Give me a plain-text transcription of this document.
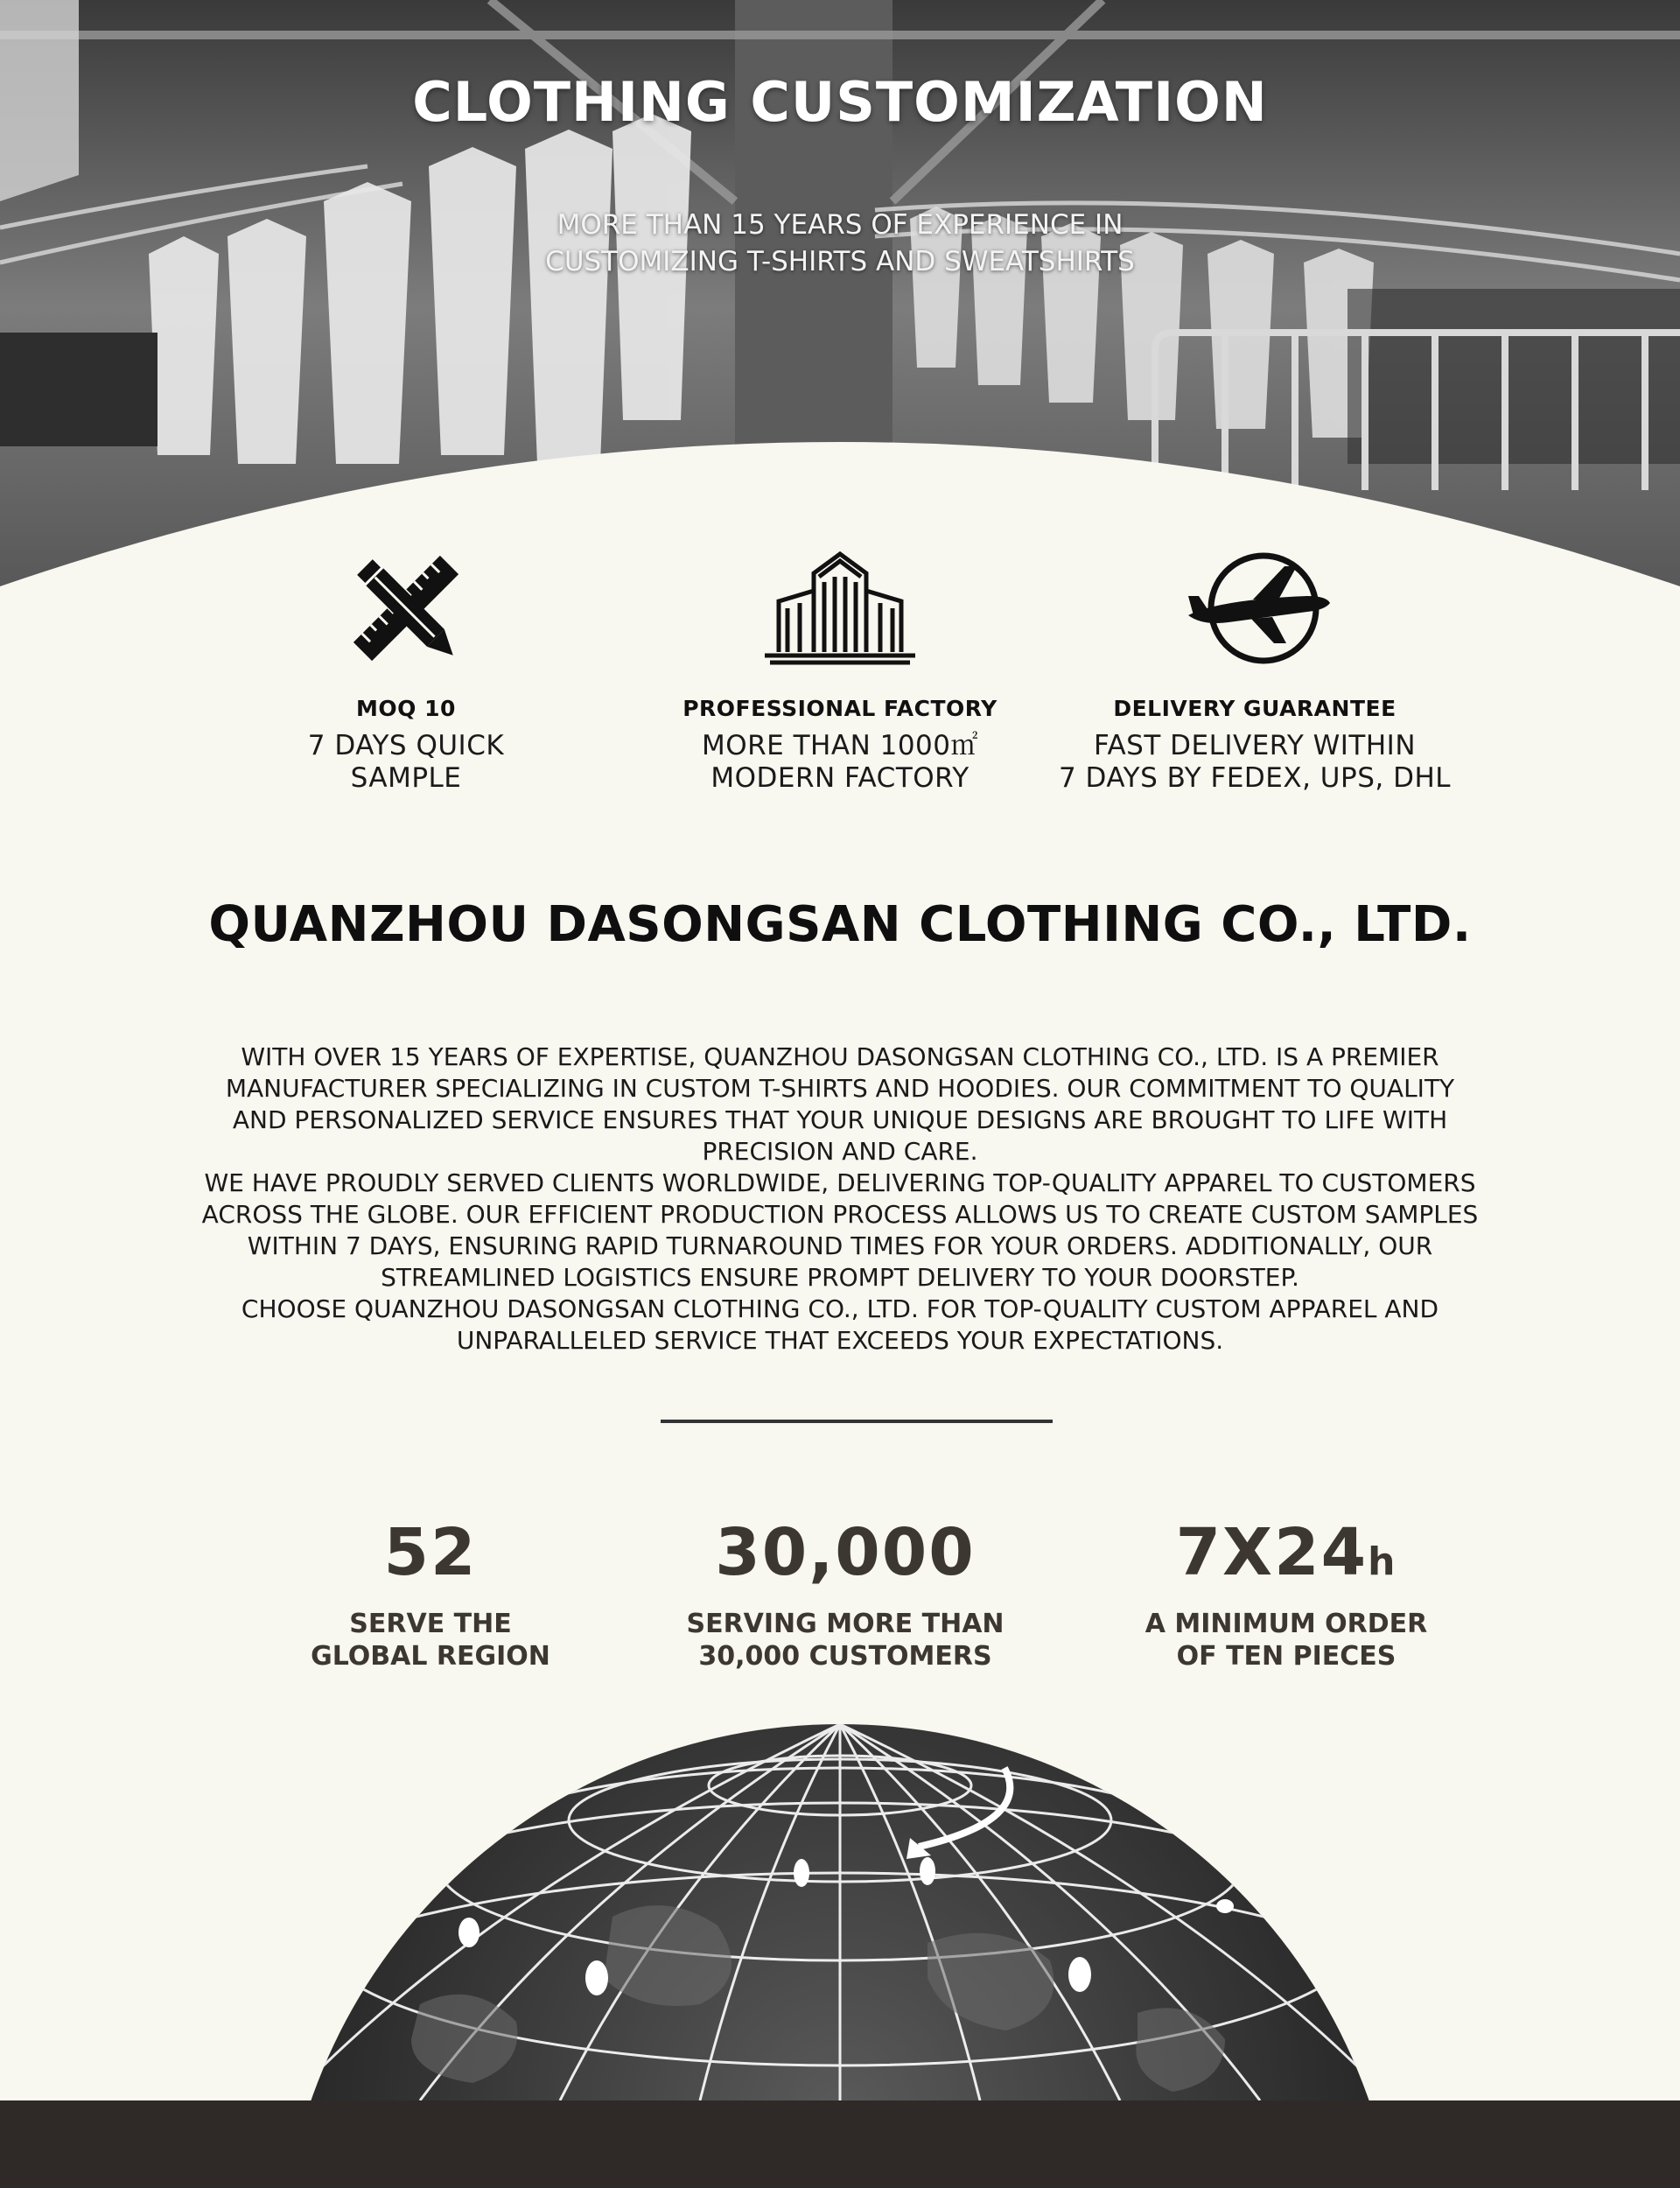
CLOTHING CUSTOMIZATION
MORE THAN 15 YEARS OF EXPERIENCE IN
CUSTOMIZING T-SHIRTS AND SWEATSHIRTS
MOQ 10
7 DAYS QUICK
SAMPLE
PROFESSIONAL FACTORY
MORE THAN 1000㎡
MODERN FACTORY
DELIVERY GUARANTEE
FAST DELIVERY WITHIN
7 DAYS BY FEDEX, UPS, DHL
QUANZHOU DASONGSAN CLOTHING CO., LTD.
WITH OVER 15 YEARS OF EXPERTISE, QUANZHOU DASONGSAN CLOTHING CO., LTD. IS A PREMIER
MANUFACTURER SPECIALIZING IN CUSTOM T-SHIRTS AND HOODIES. OUR COMMITMENT TO QUALITY
AND PERSONALIZED SERVICE ENSURES THAT YOUR UNIQUE DESIGNS ARE BROUGHT TO LIFE WITH
PRECISION AND CARE.
WE HAVE PROUDLY SERVED CLIENTS WORLDWIDE, DELIVERING TOP-QUALITY APPAREL TO CUSTOMERS
ACROSS THE GLOBE. OUR EFFICIENT PRODUCTION PROCESS ALLOWS US TO CREATE CUSTOM SAMPLES
WITHIN 7 DAYS, ENSURING RAPID TURNAROUND TIMES FOR YOUR ORDERS. ADDITIONALLY, OUR
STREAMLINED LOGISTICS ENSURE PROMPT DELIVERY TO YOUR DOORSTEP.
CHOOSE QUANZHOU DASONGSAN CLOTHING CO., LTD. FOR TOP-QUALITY CUSTOM APPAREL AND
UNPARALLELED SERVICE THAT EXCEEDS YOUR EXPECTATIONS.
52
SERVE THE
GLOBAL REGION
30,000
SERVING MORE THAN
30,000 CUSTOMERS
7X24h
A MINIMUM ORDER
OF TEN PIECES
